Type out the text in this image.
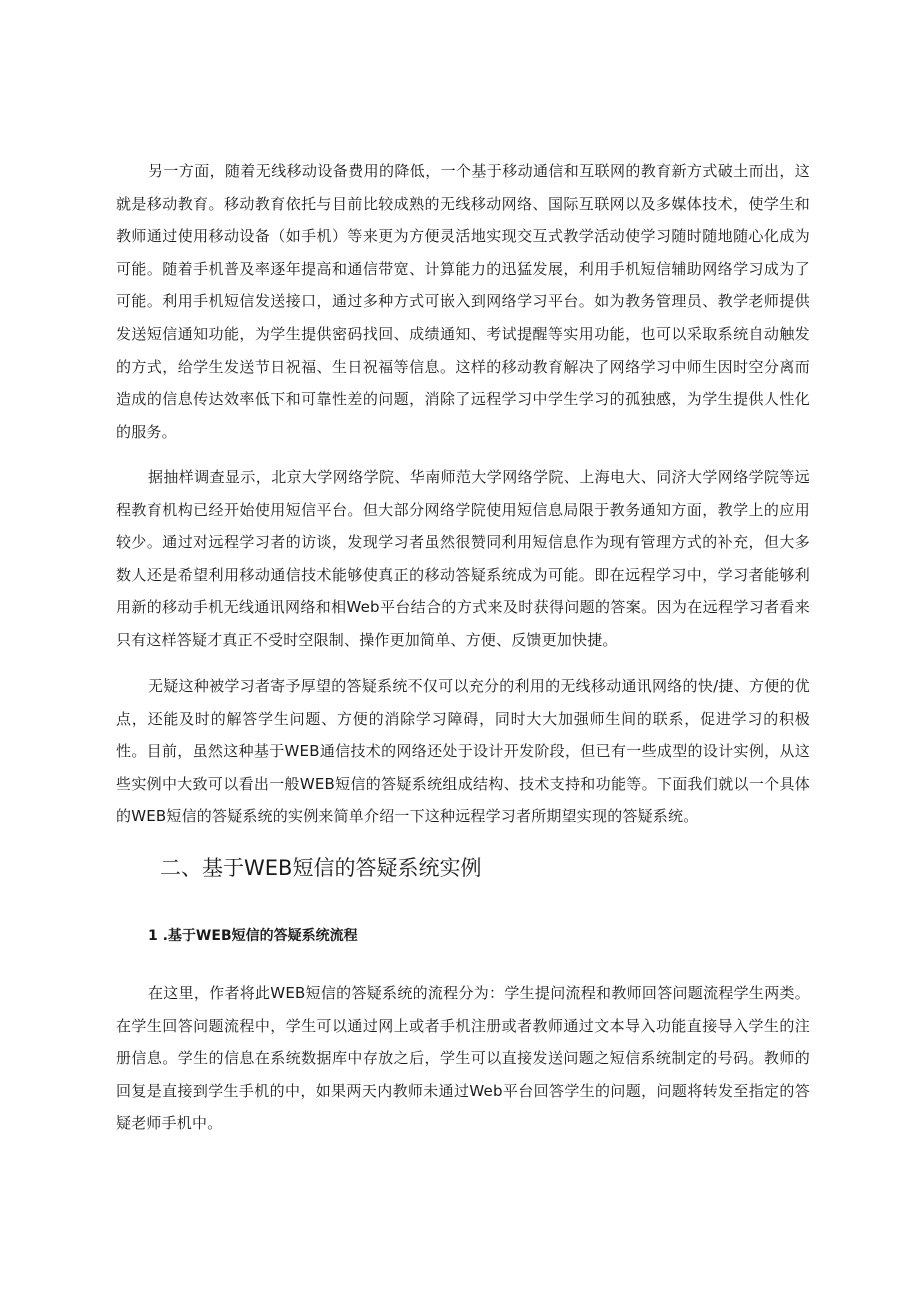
另一方面，随着无线移动设备费用的降低，一个基于移动通信和互联网的教育新方式破土而出，这就是移动教育。移动教育依托与目前比较成熟的无线移动网络、国际互联网以及多媒体技术，使学生和教师通过使用移动设备（如手机）等来更为方便灵活地实现交互式教学活动使学习随时随地随心化成为可能。随着手机普及率逐年提高和通信带宽、计算能力的迅猛发展，利用手机短信辅助网络学习成为了可能。利用手机短信发送接口，通过多种方式可嵌入到网络学习平台。如为教务管理员、教学老师提供发送短信通知功能，为学生提供密码找回、成绩通知、考试提醒等实用功能，也可以采取系统自动触发的方式，给学生发送节日祝福、生日祝福等信息。这样的移动教育解决了网络学习中师生因时空分离而造成的信息传达效率低下和可靠性差的问题，消除了远程学习中学生学习的孤独感，为学生提供人性化的服务。

据抽样调查显示，北京大学网络学院、华南师范大学网络学院、上海电大、同济大学网络学院等远程教育机构已经开始使用短信平台。但大部分网络学院使用短信息局限于教务通知方面，教学上的应用较少。通过对远程学习者的访谈，发现学习者虽然很赞同利用短信息作为现有管理方式的补充，但大多数人还是希望利用移动通信技术能够使真正的移动答疑系统成为可能。即在远程学习中，学习者能够利用新的移动手机无线通讯网络和相Web平台结合的方式来及时获得问题的答案。因为在远程学习者看来只有这样答疑才真正不受时空限制、操作更加简单、方便、反馈更加快捷。

无疑这种被学习者寄予厚望的答疑系统不仅可以充分的利用的无线移动通讯网络的快/捷、方便的优点，还能及时的解答学生问题、方便的消除学习障碍，同时大大加强师生间的联系，促进学习的积极性。目前，虽然这种基于WEB通信技术的网络还处于设计开发阶段，但已有一些成型的设计实例，从这些实例中大致可以看出一般WEB短信的答疑系统组成结构、技术支持和功能等。下面我们就以一个具体的WEB短信的答疑系统的实例来简单介绍一下这种远程学习者所期望实现的答疑系统。

二、基于WEB短信的答疑系统实例
1 .基于WEB短信的答疑系统流程

在这里，作者将此WEB短信的答疑系统的流程分为：学生提问流程和教师回答问题流程学生两类。在学生回答问题流程中，学生可以通过网上或者手机注册或者教师通过文本导入功能直接导入学生的注册信息。学生的信息在系统数据库中存放之后，学生可以直接发送问题之短信系统制定的号码。教师的回复是直接到学生手机的中，如果两天内教师未通过Web平台回答学生的问题，问题将转发至指定的答疑老师手机中。
